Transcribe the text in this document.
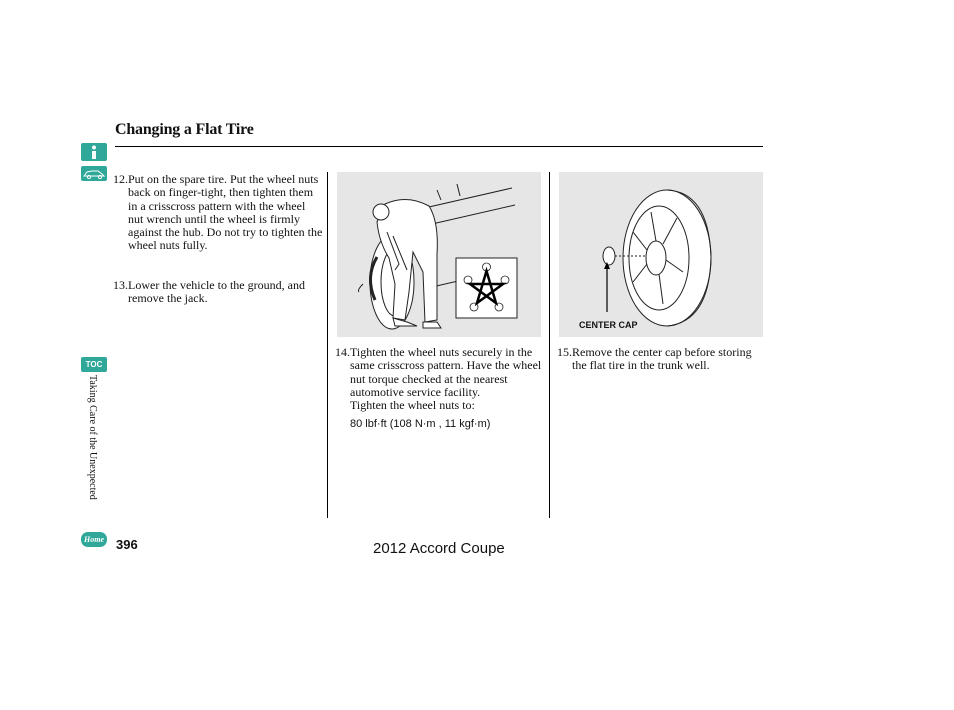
Changing a Flat Tire
TOC
Taking Care of the Unexpected
Home
12. Put on the spare tire. Put the wheel nuts back on finger-tight, then tighten them in a crisscross pattern with the wheel nut wrench until the wheel is firmly against the hub. Do not try to tighten the wheel nuts fully.
13. Lower the vehicle to the ground, and remove the jack.
CENTER CAP
14. Tighten the wheel nuts securely in the same crisscross pattern. Have the wheel nut torque checked at the nearest automotive service facility.
Tighten the wheel nuts to:
80 lbf·ft (108 N·m , 11 kgf·m)
15. Remove the center cap before storing the flat tire in the trunk well.
396	2012 Accord Coupe
